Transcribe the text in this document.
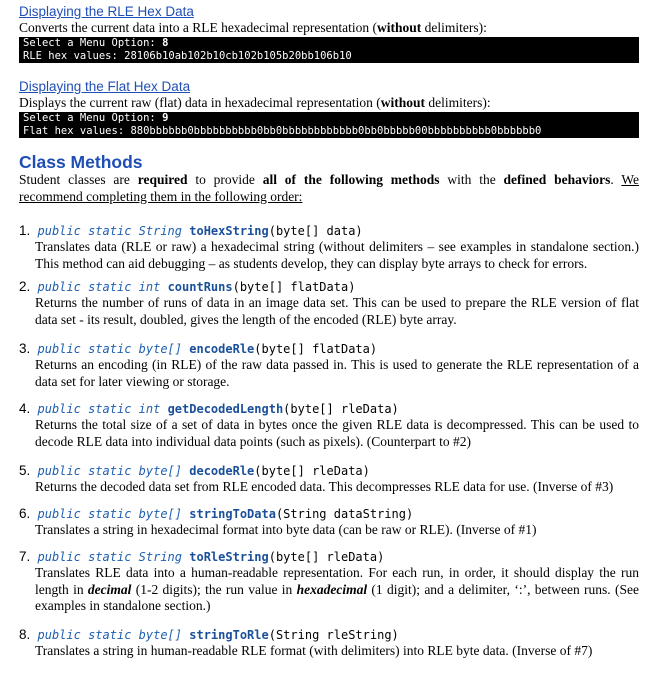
Displaying the RLE Hex Data
Converts the current data into a RLE hexadecimal representation (without delimiters):
Select a Menu Option: 8
RLE hex values: 28106b10ab102b10cb102b105b20bb106b10
Displaying the Flat Hex Data
Displays the current raw (flat) data in hexadecimal representation (without delimiters):
Select a Menu Option: 9
Flat hex values: 880bbbbbb0bbbbbbbbbb0bb0bbbbbbbbbbbb0bb0bbbbb00bbbbbbbbbb0bbbbbb0
Class Methods
Student classes are required to provide all of the following methods with the defined behaviors. We recommend completing them in the following order:
1. public static String toHexString(byte[] data)
Translates data (RLE or raw) a hexadecimal string (without delimiters – see examples in standalone section.) This method can aid debugging – as students develop, they can display byte arrays to check for errors.
2. public static int countRuns(byte[] flatData)
Returns the number of runs of data in an image data set. This can be used to prepare the RLE version of flat data set - its result, doubled, gives the length of the encoded (RLE) byte array.
3. public static byte[] encodeRle(byte[] flatData)
Returns an encoding (in RLE) of the raw data passed in. This is used to generate the RLE representation of a data set for later viewing or storage.
4. public static int getDecodedLength(byte[] rleData)
Returns the total size of a set of data in bytes once the given RLE data is decompressed. This can be used to decode RLE data into individual data points (such as pixels). (Counterpart to #2)
5. public static byte[] decodeRle(byte[] rleData)
Returns the decoded data set from RLE encoded data. This decompresses RLE data for use. (Inverse of #3)
6. public static byte[] stringToData(String dataString)
Translates a string in hexadecimal format into byte data (can be raw or RLE). (Inverse of #1)
7. public static String toRleString(byte[] rleData)
Translates RLE data into a human-readable representation. For each run, in order, it should display the run length in decimal (1-2 digits); the run value in hexadecimal (1 digit); and a delimiter, ‘:’, between runs. (See examples in standalone section.)
8. public static byte[] stringToRle(String rleString)
Translates a string in human-readable RLE format (with delimiters) into RLE byte data. (Inverse of #7)
